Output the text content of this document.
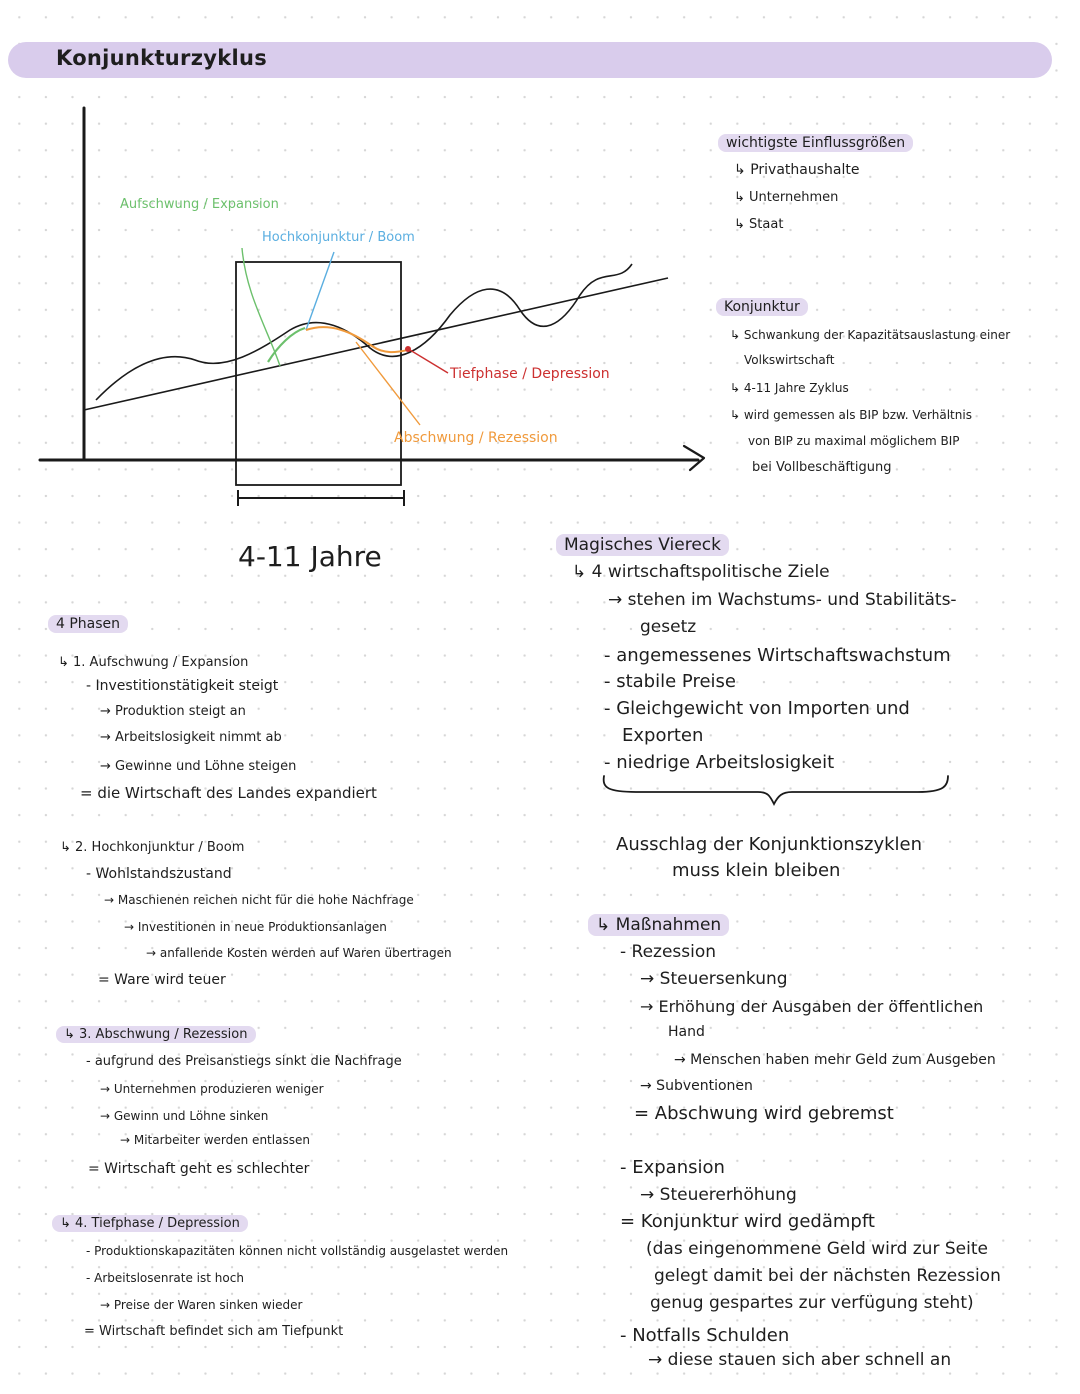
Konjunkturzyklus
Aufschwung / Expansion
Hochkonjunktur / Boom
Tiefphase / Depression
Abschwung / Rezession
4-11 Jahre
wichtigste Einflussgrößen
↳ Privathaushalte
↳ Unternehmen
↳ Staat
Konjunktur
↳ Schwankung der Kapazitätsauslastung einer
Volkswirtschaft
↳ 4-11 Jahre Zyklus
↳ wird gemessen als BIP bzw. Verhältnis
von BIP zu maximal möglichem BIP
bei Vollbeschäftigung
4 Phasen
↳ 1. Aufschwung / Expansion
- Investitionstätigkeit steigt
→ Produktion steigt an
→ Arbeitslosigkeit nimmt ab
→ Gewinne und Löhne steigen
= die Wirtschaft des Landes expandiert
↳ 2. Hochkonjunktur / Boom
- Wohlstandszustand
→ Maschienen reichen nicht für die hohe Nachfrage
→ Investitionen in neue Produktionsanlagen
→ anfallende Kosten werden auf Waren übertragen
= Ware wird teuer
↳ 3. Abschwung / Rezession
- aufgrund des Preisanstiegs sinkt die Nachfrage
→ Unternehmen produzieren weniger
→ Gewinn und Löhne sinken
→ Mitarbeiter werden entlassen
= Wirtschaft geht es schlechter
↳ 4. Tiefphase / Depression
- Produktionskapazitäten können nicht vollständig ausgelastet werden
- Arbeitslosenrate ist hoch
→ Preise der Waren sinken wieder
= Wirtschaft befindet sich am Tiefpunkt
Magisches Viereck
↳ 4 wirtschaftspolitische Ziele
→ stehen im Wachstums- und Stabilitäts-
gesetz
- angemessenes Wirtschaftswachstum
- stabile Preise
- Gleichgewicht von Importen und
Exporten
- niedrige Arbeitslosigkeit
Ausschlag der Konjunktionszyklen
muss klein bleiben
↳ Maßnahmen
- Rezession
→ Steuersenkung
→ Erhöhung der Ausgaben der öffentlichen
Hand
→ Menschen haben mehr Geld zum Ausgeben
→ Subventionen
= Abschwung wird gebremst
- Expansion
→ Steuererhöhung
= Konjunktur wird gedämpft
(das eingenommene Geld wird zur Seite
gelegt damit bei der nächsten Rezession
genug gespartes zur verfügung steht)
- Notfalls Schulden
→ diese stauen sich aber schnell an
